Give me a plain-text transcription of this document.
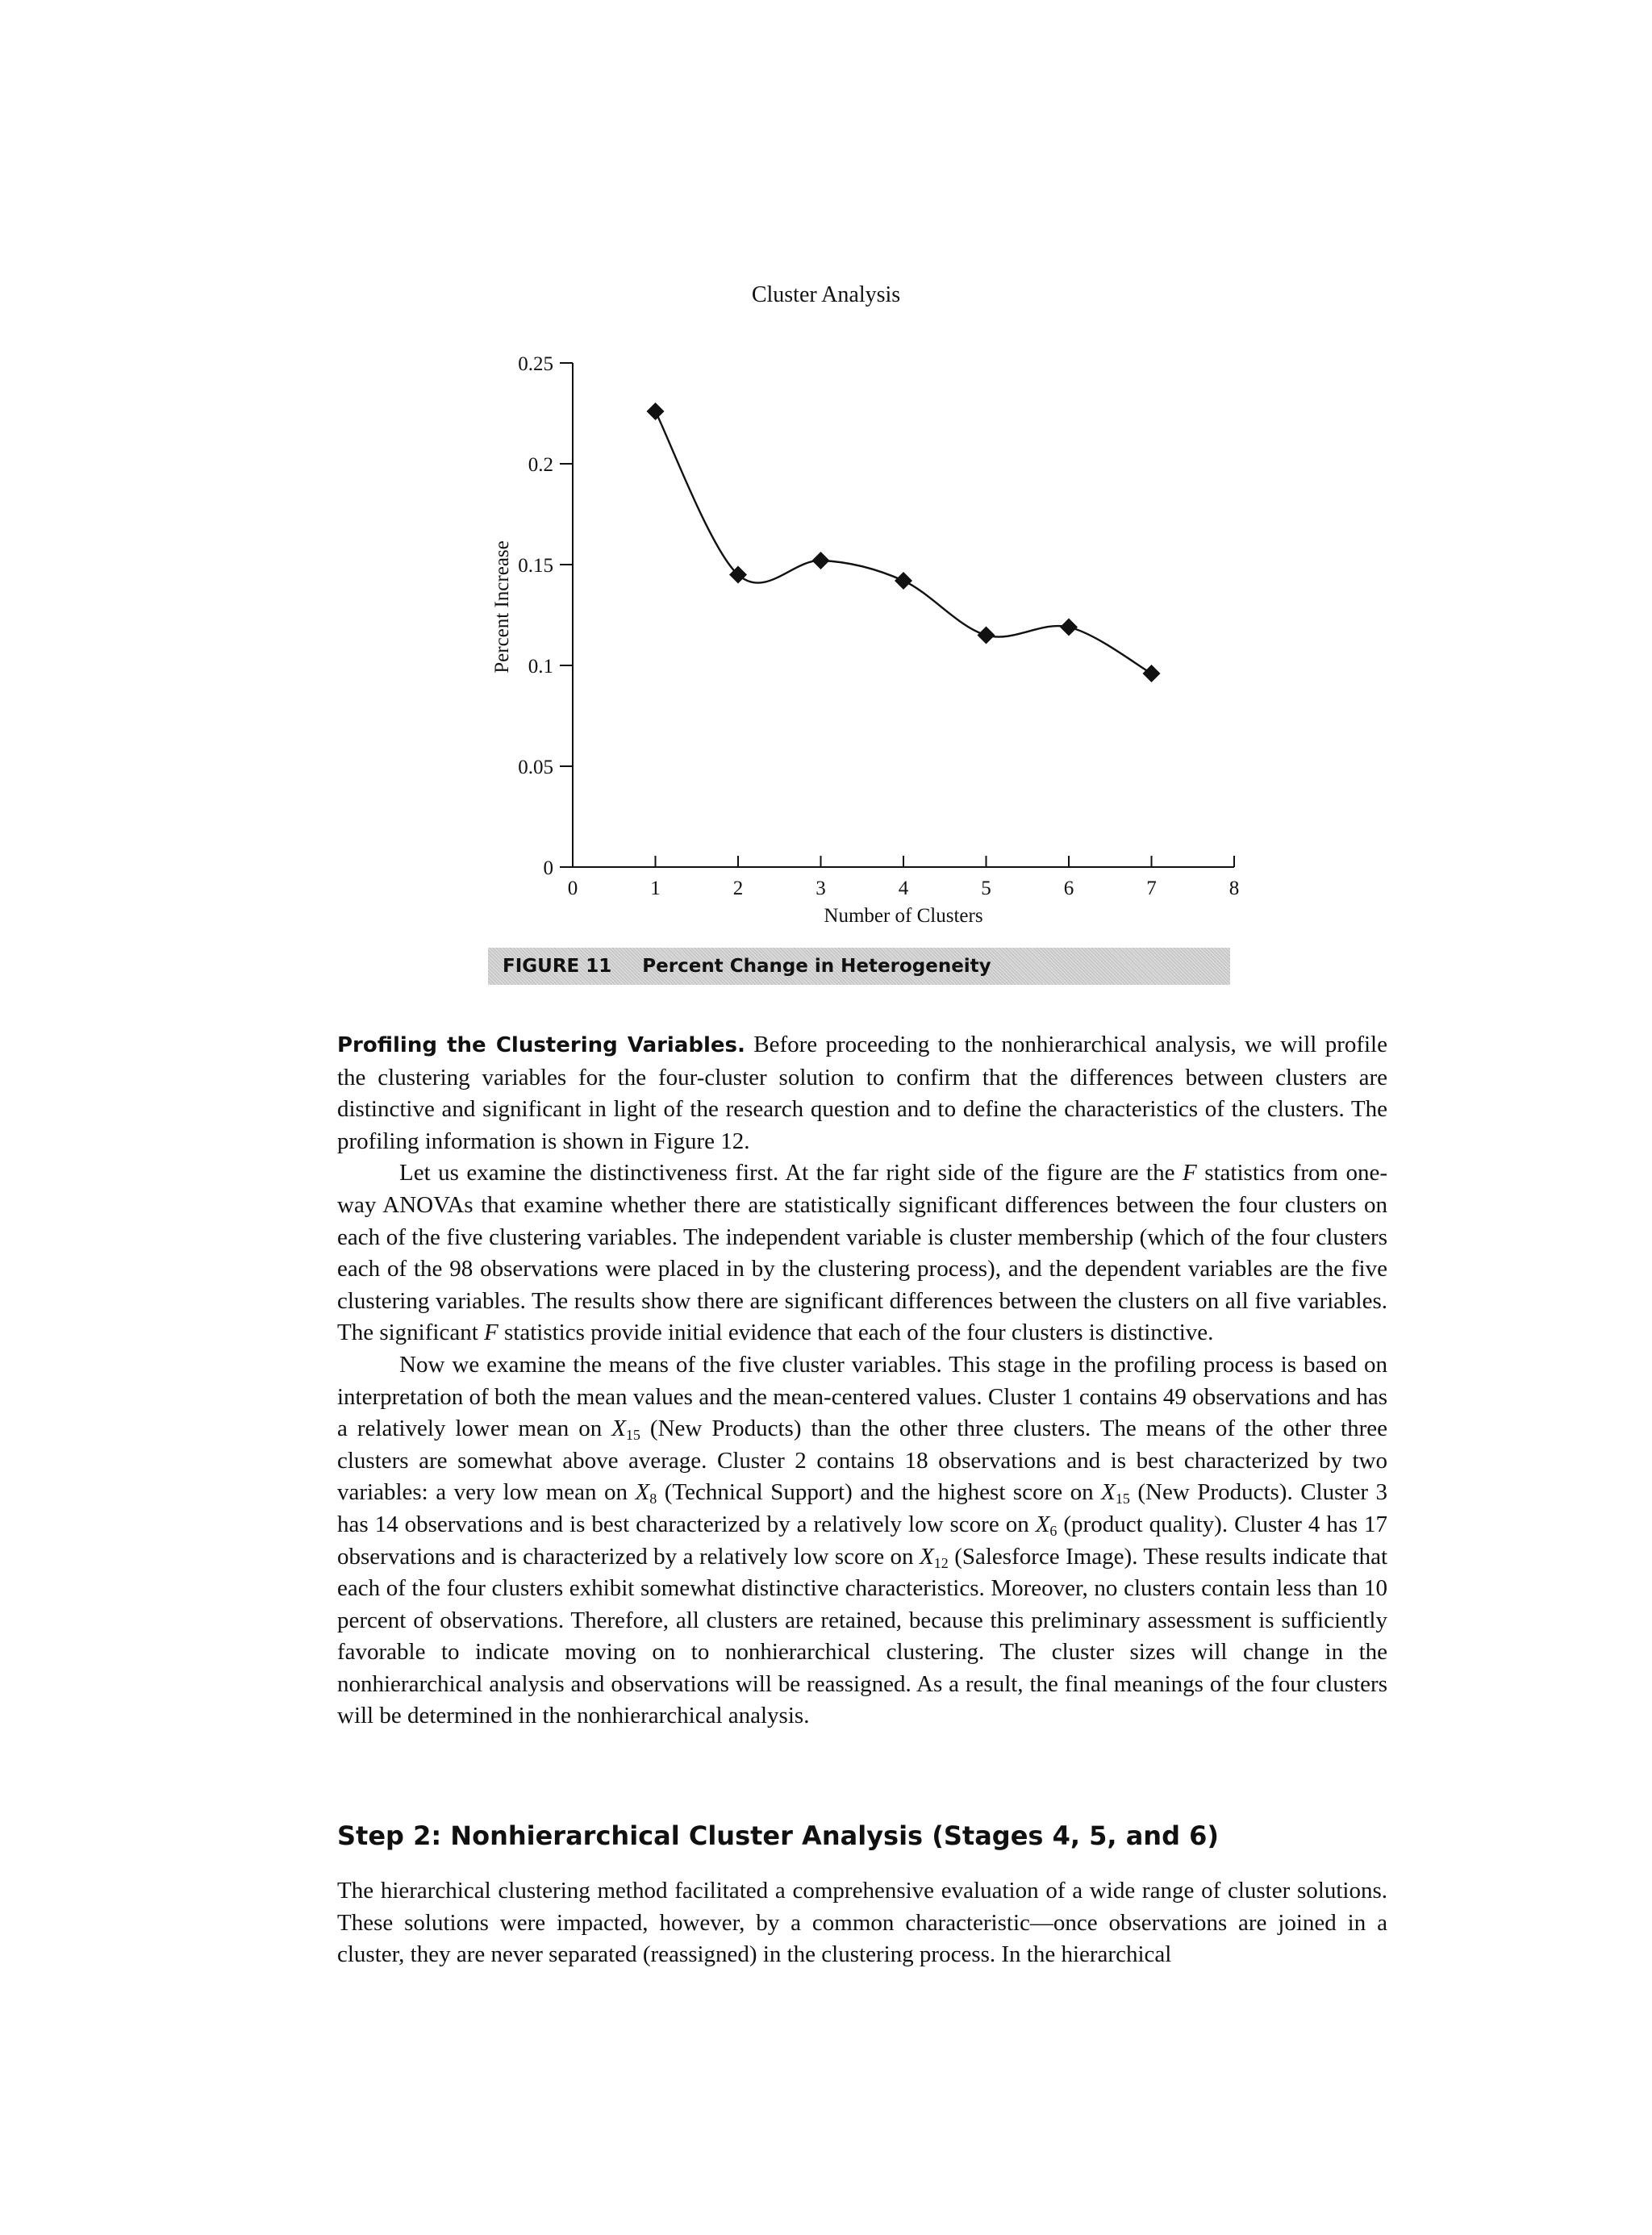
Cluster Analysis
0
0.05
0.1
0.15
0.2
0.25
0	1	2	3	4	5	6	7	8
Number of Clusters
Percent Increase
FIGURE 11 Percent Change in Heterogeneity

Profiling the Clustering Variables. Before proceeding to the nonhierarchical analysis, we will profile the clustering variables for the four-cluster solution to confirm that the differences between clusters are distinctive and significant in light of the research question and to define the characteristics of the clusters. The profiling information is shown in Figure 12.

Let us examine the distinctiveness first. At the far right side of the figure are the F statistics from one-way ANOVAs that examine whether there are statistically significant differences between the four clusters on each of the five clustering variables. The independent variable is cluster membership (which of the four clusters each of the 98 observations were placed in by the clustering process), and the dependent variables are the five clustering variables. The results show there are significant differences between the clusters on all five variables. The significant F statistics provide initial evidence that each of the four clusters is distinctive.

Now we examine the means of the five cluster variables. This stage in the profiling process is based on interpretation of both the mean values and the mean-centered values. Cluster 1 contains 49 observations and has a relatively lower mean on $X_{15}$ (New Products) than the other three clusters. The means of the other three clusters are somewhat above average. Cluster 2 contains 18 observations and is best characterized by two variables: a very low mean on $X_8$ (Technical Support) and the highest score on $X_{15}$ (New Products). Cluster 3 has 14 observations and is best characterized by a relatively low score on $X_6$ (product quality). Cluster 4 has 17 observations and is characterized by a relatively low score on $X_{12}$ (Salesforce Image). These results indicate that each of the four clusters exhibit somewhat distinctive characteristics. Moreover, no clusters contain less than 10 percent of observations. Therefore, all clusters are retained, because this preliminary assessment is sufficiently favorable to indicate moving on to nonhierarchical clustering. The cluster sizes will change in the nonhierarchical analysis and observations will be reassigned. As a result, the final meanings of the four clusters will be determined in the nonhierarchical analysis.

Step 2: Nonhierarchical Cluster Analysis (Stages 4, 5, and 6)

The hierarchical clustering method facilitated a comprehensive evaluation of a wide range of cluster solutions. These solutions were impacted, however, by a common characteristic—once observations are joined in a cluster, they are never separated (reassigned) in the clustering process. In the hierarchical
